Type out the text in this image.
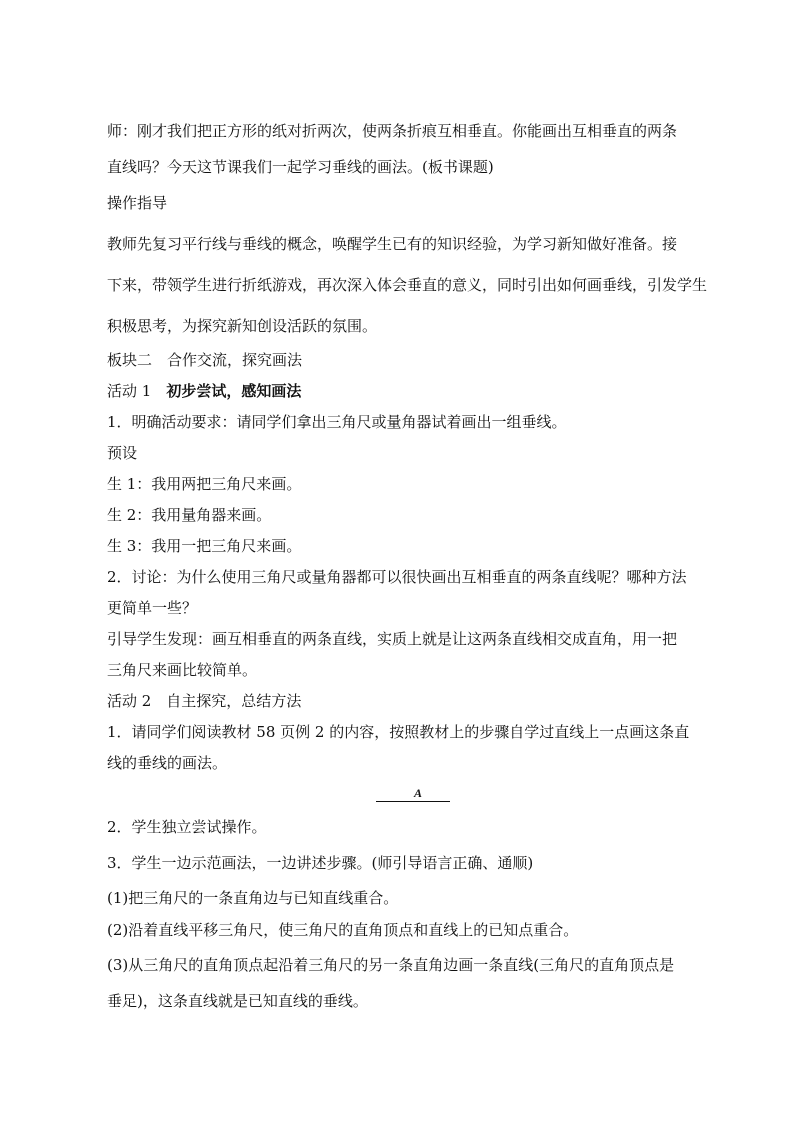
师：刚才我们把正方形的纸对折两次，使两条折痕互相垂直。你能画出互相垂直的两条
直线吗？今天这节课我们一起学习垂线的画法。(板书课题)
操作指导
教师先复习平行线与垂线的概念，唤醒学生已有的知识经验，为学习新知做好准备。接
下来，带领学生进行折纸游戏，再次深入体会垂直的意义，同时引出如何画垂线，引发学生
积极思考，为探究新知创设活跃的氛围。
板块二　合作交流，探究画法
活动 1　初步尝试，感知画法
1．明确活动要求：请同学们拿出三角尺或量角器试着画出一组垂线。
预设
生 1：我用两把三角尺来画。
生 2：我用量角器来画。
生 3：我用一把三角尺来画。
2．讨论：为什么使用三角尺或量角器都可以很快画出互相垂直的两条直线呢？哪种方法
更简单一些？
引导学生发现：画互相垂直的两条直线，实质上就是让这两条直线相交成直角，用一把
三角尺来画比较简单。
活动 2　自主探究，总结方法
1．请同学们阅读教材 58 页例 2 的内容，按照教材上的步骤自学过直线上一点画这条直
线的垂线的画法。
A
2．学生独立尝试操作。
3．学生一边示范画法，一边讲述步骤。(师引导语言正确、通顺)
(1)把三角尺的一条直角边与已知直线重合。
(2)沿着直线平移三角尺，使三角尺的直角顶点和直线上的已知点重合。
(3)从三角尺的直角顶点起沿着三角尺的另一条直角边画一条直线(三角尺的直角顶点是
垂足)，这条直线就是已知直线的垂线。
